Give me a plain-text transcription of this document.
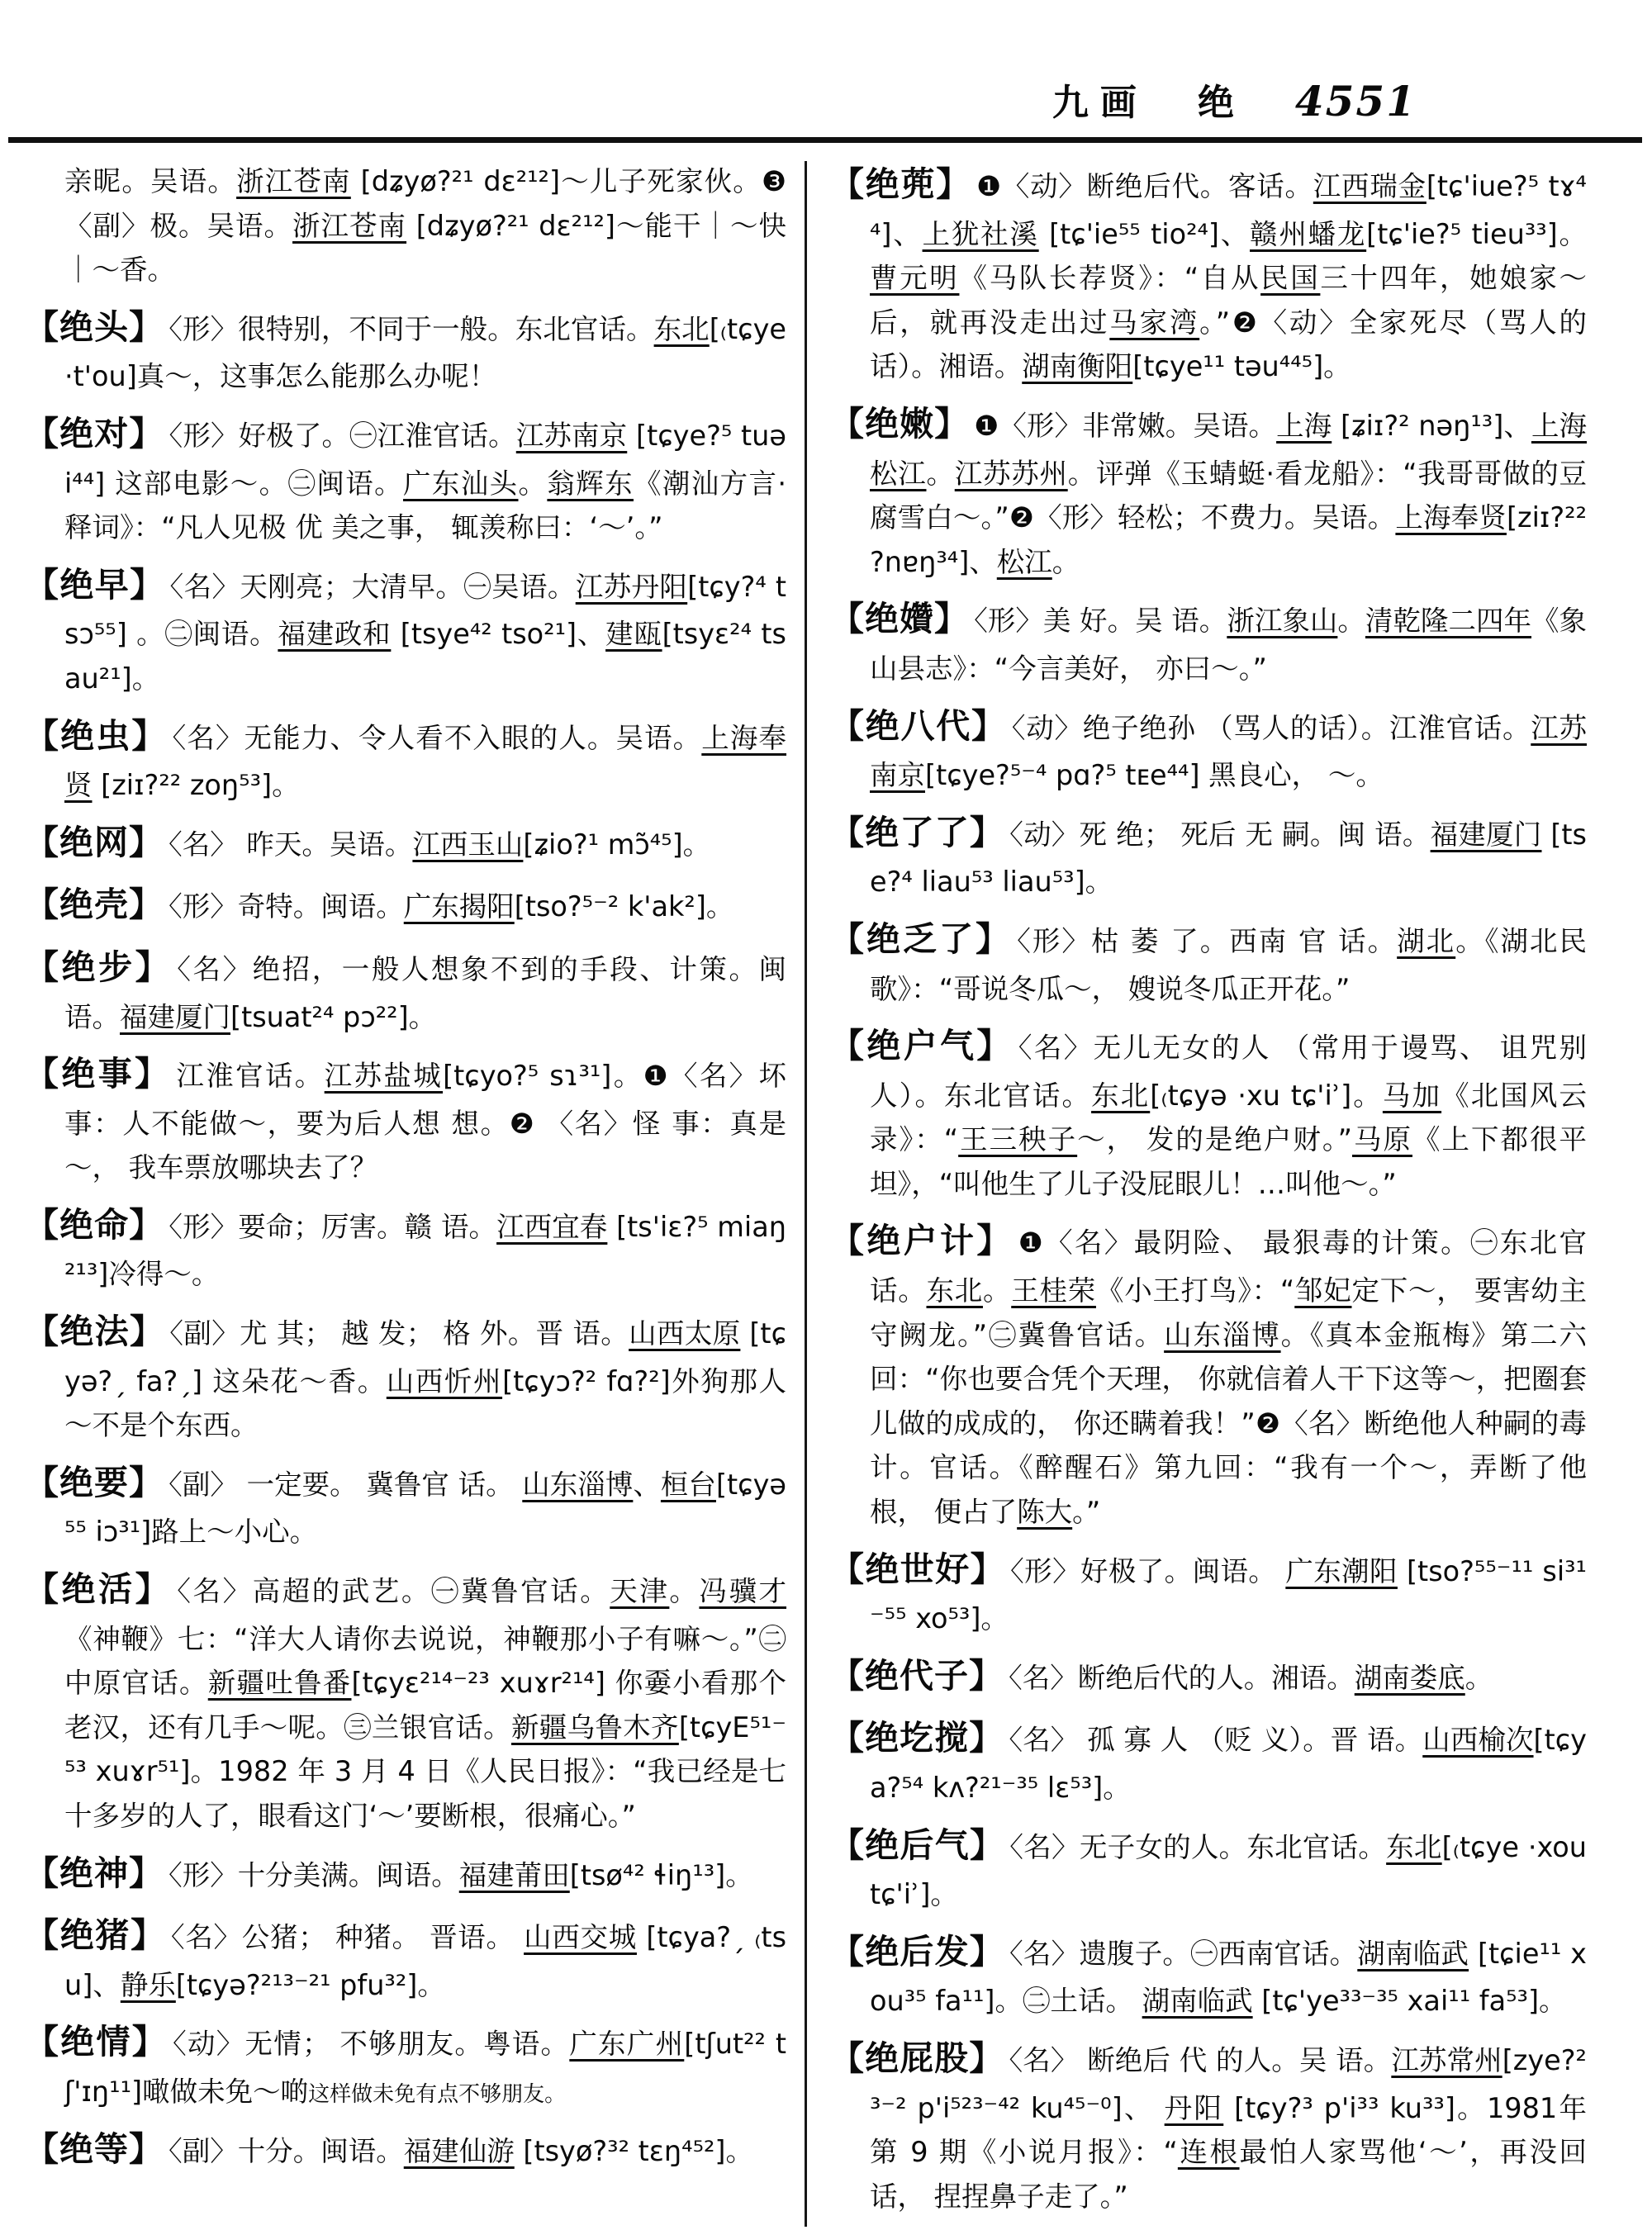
九画 绝 4551
亲昵。吴语。浙江苍南 [dʑyø?²¹ dɛ²¹²]～儿子死家伙。❸〈副〉极。吴语。浙江苍南 [dʑyø?²¹ dɛ²¹²]～能干｜～快｜～香。
【绝头】 〈形〉很特别，不同于一般。东北官话。东北[₍tɕye ·t'ou]真～，这事怎么能那么办呢！
【绝对】 〈形〉好极了。㊀江淮官话。江苏南京 [tɕye?⁵ tuəi⁴⁴] 这部电影～。㊁闽语。广东汕头。翁辉东《潮汕方言·释词》：“凡人见极 优 美之事， 辄羡称曰：‘～’。”
【绝早】 〈名〉天刚亮；大清早。㊀吴语。江苏丹阳[tɕy?⁴ tsɔ⁵⁵] 。㊁闽语。福建政和 [tsye⁴² tso²¹]、建瓯[tsyɛ²⁴ tsau²¹]。
【绝虫】 〈名〉无能力、令人看不入眼的人。吴语。上海奉贤 [ziɪ?²² zoŋ⁵³]。
【绝网】 〈名〉 昨天。吴语。江西玉山[ʑio?¹ mɔ̃⁴⁵]。
【绝壳】 〈形〉奇特。闽语。广东揭阳[tso?⁵⁻² k'ak²]。
【绝步】 〈名〉绝招，一般人想象不到的手段、计策。闽语。福建厦门[tsuat²⁴ pɔ²²]。
【绝事】 江淮官话。江苏盐城[tɕyo?⁵ sɿ³¹]。❶〈名〉坏事：人不能做～，要为后人想 想。❷ 〈名〉怪 事：真是～， 我车票放哪块去了？
【绝命】 〈形〉要命；厉害。赣 语。江西宜春 [ts'iɛ?⁵ miaŋ²¹³]冷得～。
【绝法】 〈副〉尤 其； 越 发； 格 外。晋 语。山西太原 [tɕyə?ˏ fa?ˏ] 这朵花～香。山西忻州[tɕyɔ?² fɑ?²]外狗那人～不是个东西。
【绝要】 〈副〉 一定要。 冀鲁官 话。 山东淄博、桓台[tɕyə⁵⁵ iɔ³¹]路上～小心。
【绝活】 〈名〉高超的武艺。㊀冀鲁官话。天津。冯骥才《神鞭》七：“洋大人请你去说说，神鞭那小子有嘛～。”㊁中原官话。新疆吐鲁番[tɕyɛ²¹⁴⁻²³ xuɤr²¹⁴] 你嫑小看那个老汉，还有几手～呢。㊂兰银官话。新疆乌鲁木齐[tɕyE⁵¹⁻⁵³ xuɤr⁵¹]。1982 年 3 月 4 日《人民日报》：“我已经是七十多岁的人了，眼看这门‘～’要断根，很痛心。”
【绝神】 〈形〉十分美满。闽语。福建莆田[tsø⁴² ɬiŋ¹³]。
【绝猪】 〈名〉公猪； 种猪。 晋语。 山西交城 [tɕya?ˏ ₍tsu]、静乐[tɕyə?²¹³⁻²¹ pfu³²]。
【绝情】 〈动〉无情； 不够朋友。粤语。广东广州[tʃut²² tʃ'ɪŋ¹¹]噉做未免～啲这样做未免有点不够朋友。
【绝等】 〈副〉十分。闽语。福建仙游 [tsyø?³² tɛŋ⁴⁵²]。
【绝蔸】 ❶〈动〉断绝后代。客话。江西瑞金[tɕ'iue?⁵ tɤ⁴⁴]、上犹社溪 [tɕ'ie⁵⁵ tio²⁴]、赣州蟠龙[tɕ'ie?⁵ tieu³³]。曹元明《马队长荐贤》：“自从民国三十四年，她娘家～后，就再没走出过马家湾。”❷〈动〉全家死尽（骂人的话）。湘语。湖南衡阳[tɕye¹¹ təu⁴⁴⁵]。
【绝嫩】 ❶〈形〉非常嫩。吴语。上海 [ʑiɪ?² nəŋ¹³]、上海松江。江苏苏州。评弹《玉蜻蜓·看龙船》：“我哥哥做的豆腐雪白～。”❷〈形〉轻松；不费力。吴语。上海奉贤[ziɪ?²² ?nɐŋ³⁴]、松江。
【绝㜺】 〈形〉美 好。吴 语。浙江象山。清乾隆二四年《象山县志》：“今言美好， 亦曰～。”
【绝八代】 〈动〉绝子绝孙 （骂人的话）。江淮官话。江苏南京[tɕye?⁵⁻⁴ pɑ?⁵ tᴇe⁴⁴] 黑良心， ～。
【绝了了】 〈动〉死 绝； 死后 无 嗣。闽 语。福建厦门 [tse?⁴ liau⁵³ liau⁵³]。
【绝乏了】 〈形〉枯 萎 了。西南 官 话。湖北。《湖北民歌》：“哥说冬瓜～， 嫂说冬瓜正开花。”
【绝户气】 〈名〉无儿无女的人 （常用于谩骂、 诅咒别人）。东北官话。东北[₍tɕyə ·xu tɕ'iʾ]。马加《北国风云录》：“王三秧子～， 发的是绝户财。”马原《上下都很平坦》，“叫他生了儿子没屁眼儿！…叫他～。”
【绝户计】 ❶〈名〉最阴险、 最狠毒的计策。㊀东北官话。东北。王桂荣《小王打鸟》：“邹妃定下～， 要害幼主守阙龙。”㊁冀鲁官话。山东淄博。《真本金瓶梅》第二六回：“你也要合凭个天理， 你就信着人干下这等～，把圈套儿做的成成的， 你还瞒着我！”❷〈名〉断绝他人种嗣的毒计。官话。《醉醒石》第九回：“我有一个～，弄断了他根， 便占了陈大。”
【绝世好】 〈形〉好极了。闽语。 广东潮阳 [tso?⁵⁵⁻¹¹ si³¹⁻⁵⁵ xo⁵³]。
【绝代子】 〈名〉断绝后代的人。湘语。湖南娄底。
【绝圪搅】 〈名〉 孤 寡 人 （贬 义）。晋 语。山西榆次[tɕya?⁵⁴ kʌ?²¹⁻³⁵ lɛ⁵³]。
【绝后气】 〈名〉无子女的人。东北官话。东北[₍tɕye ·xou tɕ'iʾ]。
【绝后发】 〈名〉遗腹子。㊀西南官话。湖南临武 [tɕie¹¹ xou³⁵ fa¹¹]。㊁土话。 湖南临武 [tɕ'ye³³⁻³⁵ xai¹¹ fa⁵³]。
【绝屁股】 〈名〉 断绝后 代 的人。吴 语。江苏常州[zye?²³⁻² p'i⁵²³⁻⁴² ku⁴⁵⁻⁰]、 丹阳 [tɕy?³ p'i³³ ku³³]。1981年第 9 期《小说月报》：“连根最怕人家骂他‘～’，再没回话， 捏捏鼻子走了。”
